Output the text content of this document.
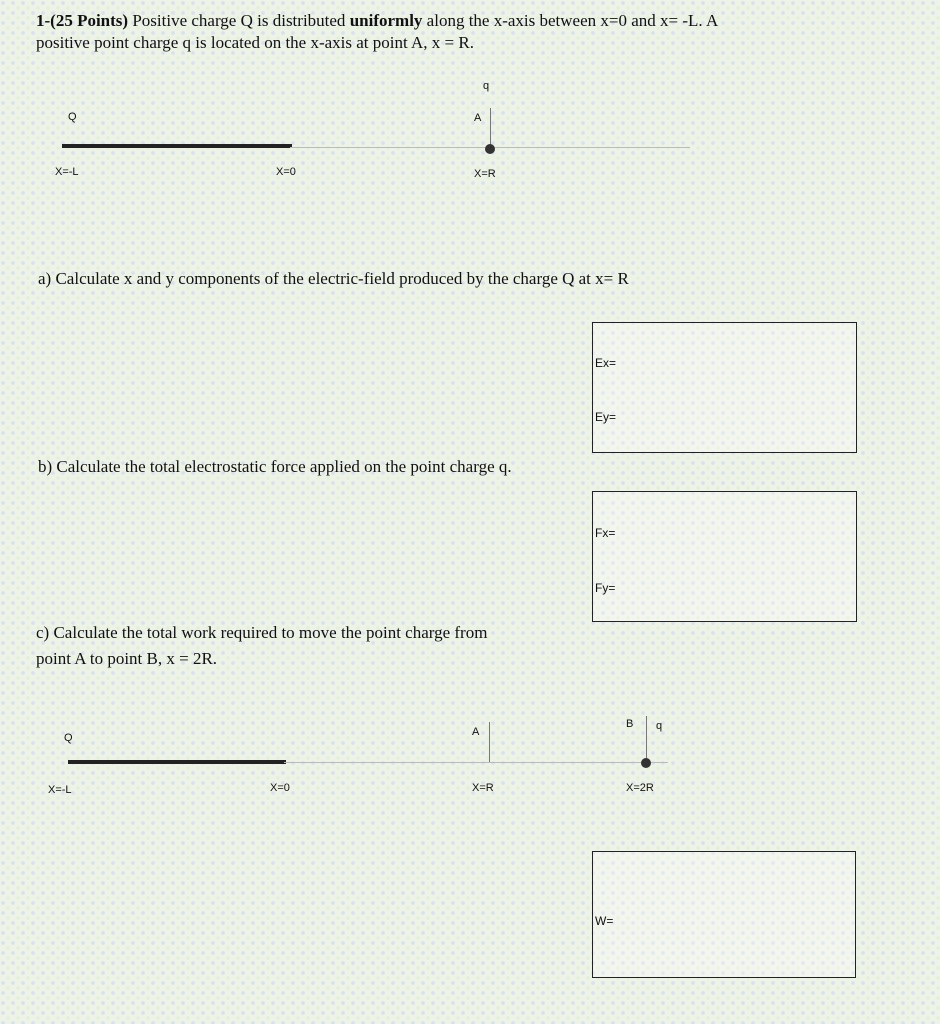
1-(25 Points) Positive charge Q is distributed uniformly along the x-axis between x=0 and x= -L. A
positive point charge q is located on the x-axis at point A, x = R.
Q
q
A
X=-L	X=0	X=R
a) Calculate x and y components of the electric-field produced by the charge Q at x= R
Ex=
Ey=
b) Calculate the total electrostatic force applied on the point charge q.
Fx=
Fy=
c) Calculate the total work required to move the point charge from
point A to point B, x = 2R.
Q	A
B q
X=-L	X=0	X=R	X=2R
W=
